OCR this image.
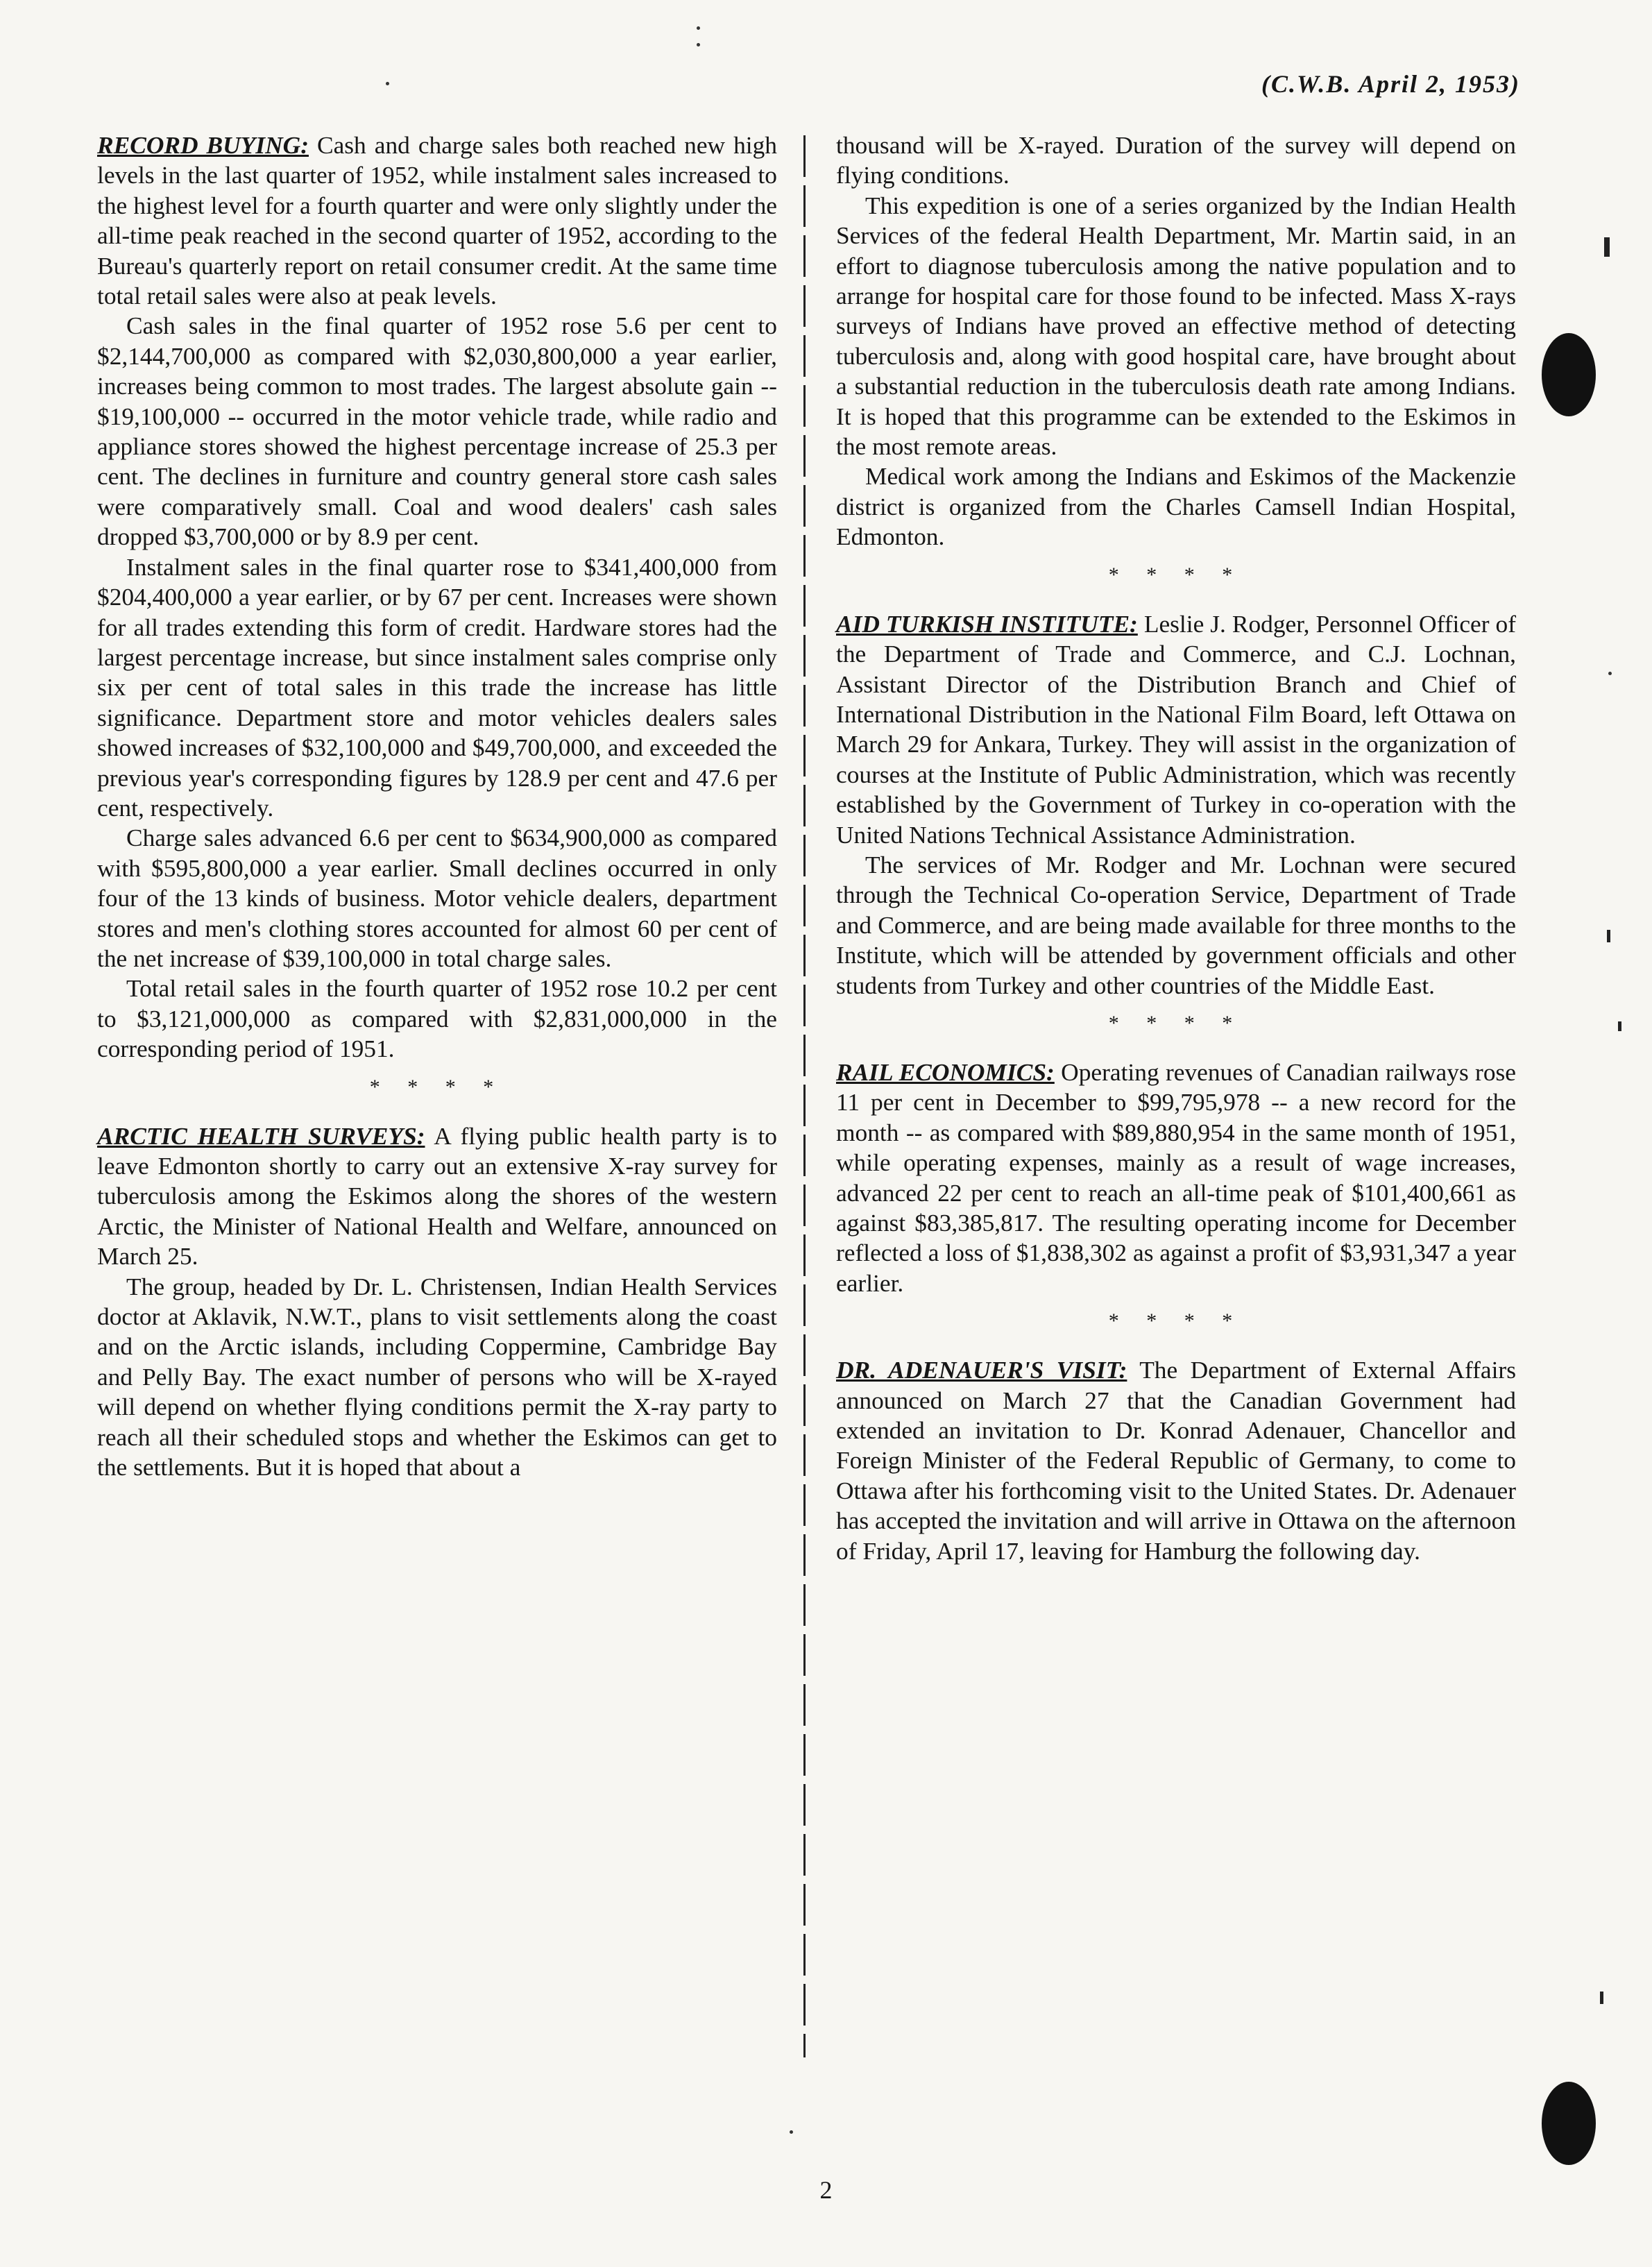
(C.W.B. April 2, 1953)

RECORD BUYING: Cash and charge sales both reached new high levels in the last quarter of 1952, while instalment sales increased to the highest level for a fourth quarter and were only slightly under the all-time peak reached in the second quarter of 1952, according to the Bureau's quarterly report on retail consumer credit. At the same time total retail sales were also at peak levels.

Cash sales in the final quarter of 1952 rose 5.6 per cent to $2,144,700,000 as compared with $2,030,800,000 a year earlier, increases being common to most trades. The largest absolute gain -- $19,100,000 -- occurred in the motor vehicle trade, while radio and appliance stores showed the highest percentage increase of 25.3 per cent. The declines in furniture and country general store cash sales were comparatively small. Coal and wood dealers' cash sales dropped $3,700,000 or by 8.9 per cent.

Instalment sales in the final quarter rose to $341,400,000 from $204,400,000 a year earlier, or by 67 per cent. Increases were shown for all trades extending this form of credit. Hardware stores had the largest percentage increase, but since instalment sales comprise only six per cent of total sales in this trade the increase has little significance. Department store and motor vehicles dealers sales showed increases of $32,100,000 and $49,700,000, and exceeded the previous year's corresponding figures by 128.9 per cent and 47.6 per cent, respectively.

Charge sales advanced 6.6 per cent to $634,900,000 as compared with $595,800,000 a year earlier. Small declines occurred in only four of the 13 kinds of business. Motor vehicle dealers, department stores and men's clothing stores accounted for almost 60 per cent of the net increase of $39,100,000 in total charge sales.

Total retail sales in the fourth quarter of 1952 rose 10.2 per cent to $3,121,000,000 as compared with $2,831,000,000 in the corresponding period of 1951.

* * * *

ARCTIC HEALTH SURVEYS: A flying public health party is to leave Edmonton shortly to carry out an extensive X-ray survey for tuberculosis among the Eskimos along the shores of the western Arctic, the Minister of National Health and Welfare, announced on March 25.

The group, headed by Dr. L. Christensen, Indian Health Services doctor at Aklavik, N.W.T., plans to visit settlements along the coast and on the Arctic islands, including Coppermine, Cambridge Bay and Pelly Bay. The exact number of persons who will be X-rayed will depend on whether flying conditions permit the X-ray party to reach all their scheduled stops and whether the Eskimos can get to the settlements. But it is hoped that about a

thousand will be X-rayed. Duration of the survey will depend on flying conditions.

This expedition is one of a series organized by the Indian Health Services of the federal Health Department, Mr. Martin said, in an effort to diagnose tuberculosis among the native population and to arrange for hospital care for those found to be infected. Mass X-rays surveys of Indians have proved an effective method of detecting tuberculosis and, along with good hospital care, have brought about a substantial reduction in the tuberculosis death rate among Indians. It is hoped that this programme can be extended to the Eskimos in the most remote areas.

Medical work among the Indians and Eskimos of the Mackenzie district is organized from the Charles Camsell Indian Hospital, Edmonton.

* * * *

AID TURKISH INSTITUTE: Leslie J. Rodger, Personnel Officer of the Department of Trade and Commerce, and C.J. Lochnan, Assistant Director of the Distribution Branch and Chief of International Distribution in the National Film Board, left Ottawa on March 29 for Ankara, Turkey. They will assist in the organization of courses at the Institute of Public Administration, which was recently established by the Government of Turkey in co-operation with the United Nations Technical Assistance Administration.

The services of Mr. Rodger and Mr. Lochnan were secured through the Technical Co-operation Service, Department of Trade and Commerce, and are being made available for three months to the Institute, which will be attended by government officials and other students from Turkey and other countries of the Middle East.

* * * *

RAIL ECONOMICS: Operating revenues of Canadian railways rose 11 per cent in December to $99,795,978 -- a new record for the month -- as compared with $89,880,954 in the same month of 1951, while operating expenses, mainly as a result of wage increases, advanced 22 per cent to reach an all-time peak of $101,400,661 as against $83,385,817. The resulting operating income for December reflected a loss of $1,838,302 as against a profit of $3,931,347 a year earlier.

* * * *

DR. ADENAUER'S VISIT: The Department of External Affairs announced on March 27 that the Canadian Government had extended an invitation to Dr. Konrad Adenauer, Chancellor and Foreign Minister of the Federal Republic of Germany, to come to Ottawa after his forthcoming visit to the United States. Dr. Adenauer has accepted the invitation and will arrive in Ottawa on the afternoon of Friday, April 17, leaving for Hamburg the following day.

2
